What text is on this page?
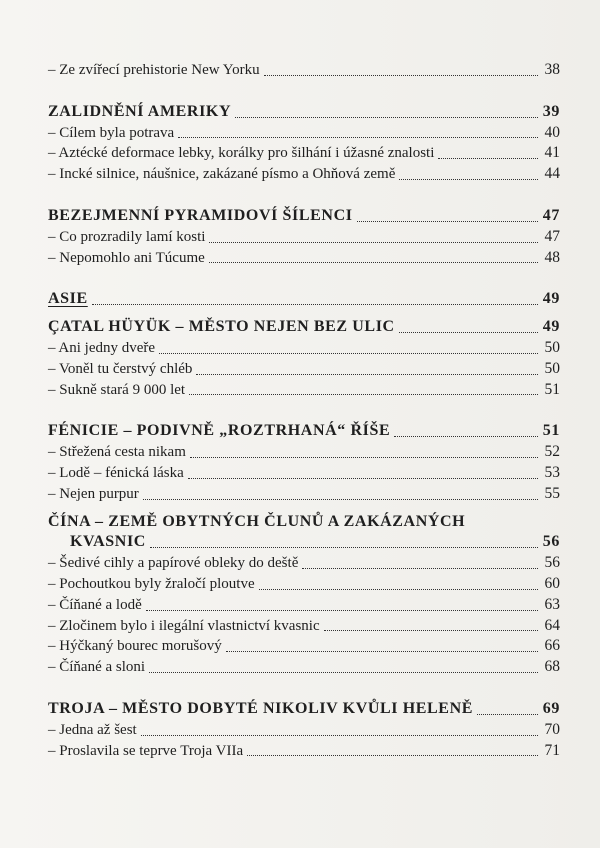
– Ze zvířecí prehistorie New Yorku	38
ZALIDNĚNÍ AMERIKY	39
– Cílem byla potrava	40
– Aztécké deformace lebky, korálky pro šilhání i úžasné znalosti	41
– Incké silnice, náušnice, zakázané písmo a Ohňová země	44
BEZEJMENNÍ PYRAMIDOVÍ ŠÍLENCI	47
– Co prozradily lamí kosti	47
– Nepomohlo ani Túcume	48
ASIE	49
ÇATAL HÜYÜK – MĚSTO NEJEN BEZ ULIC	49
– Ani jedny dveře	50
– Voněl tu čerstvý chléb	50
– Sukně stará 9 000 let	51
FÉNICIE – PODIVNĚ „ROZTRHANÁ“ ŘÍŠE	51
– Střežená cesta nikam	52
– Lodě – fénická láska	53
– Nejen purpur	55
ČÍNA – ZEMĚ OBYTNÝCH ČLUNŮ A ZAKÁZANÝCH
KVASNIC	56
– Šedivé cihly a papírové obleky do deště	56
– Pochoutkou byly žraločí ploutve	60
– Číňané a lodě	63
– Zločinem bylo i ilegální vlastnictví kvasnic	64
– Hýčkaný bourec morušový	66
– Číňané a sloni	68
TROJA – MĚSTO DOBYTÉ NIKOLIV KVŮLI HELENĚ	69
– Jedna až šest	70
– Proslavila se teprve Troja VIIa	71
